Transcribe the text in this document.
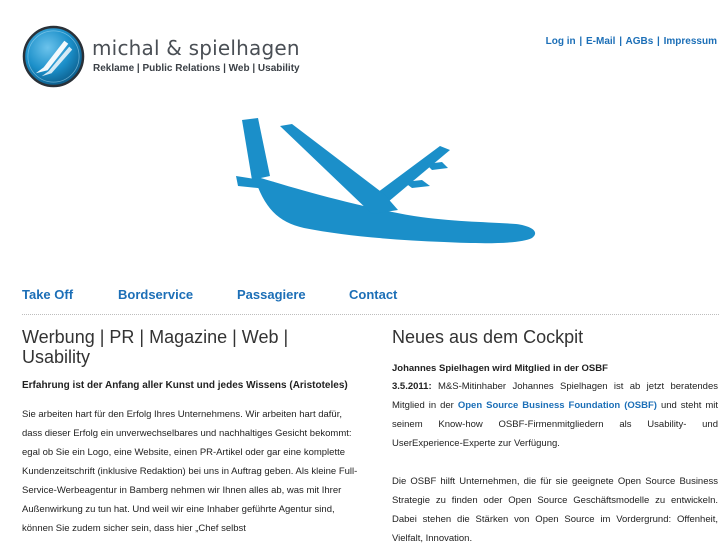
michal & spielhagen
Reklame | Public Relations | Web | Usability
Log in | E-Mail | AGBs | Impressum
Take Off	Bordservice	Passagiere	Contact
Werbung | PR | Magazine | Web | Usability
Erfahrung ist der Anfang aller Kunst und jedes Wissens (Aristoteles)
Sie arbeiten hart für den Erfolg Ihres Unternehmens. Wir arbeiten hart dafür, dass dieser Erfolg ein unverwechselbares und nachhaltiges Gesicht bekommt: egal ob Sie ein Logo, eine Website, einen PR-Artikel oder gar eine komplette Kundenzeitschrift (inklusive Redaktion) bei uns in Auftrag geben. Als kleine Full-Service-Werbeagentur in Bamberg nehmen wir Ihnen alles ab, was mit Ihrer Außenwirkung zu tun hat. Und weil wir eine Inhaber geführte Agentur sind, können Sie zudem sicher sein, dass hier „Chef selbst
Neues aus dem Cockpit
Johannes Spielhagen wird Mitglied in der OSBF
3.5.2011: M&S-Mitinhaber Johannes Spielhagen ist ab jetzt beratendes Mitglied in der Open Source Business Foundation (OSBF) und steht mit seinem Know-how OSBF-Firmenmitgliedern als Usability- und UserExperience-Experte zur Verfügung.
Die OSBF hilft Unternehmen, die für sie geeignete Open Source Business Strategie zu finden oder Open Source Geschäftsmodelle zu entwickeln. Dabei stehen die Stärken von Open Source im Vordergrund: Offenheit, Vielfalt, Innovation.
